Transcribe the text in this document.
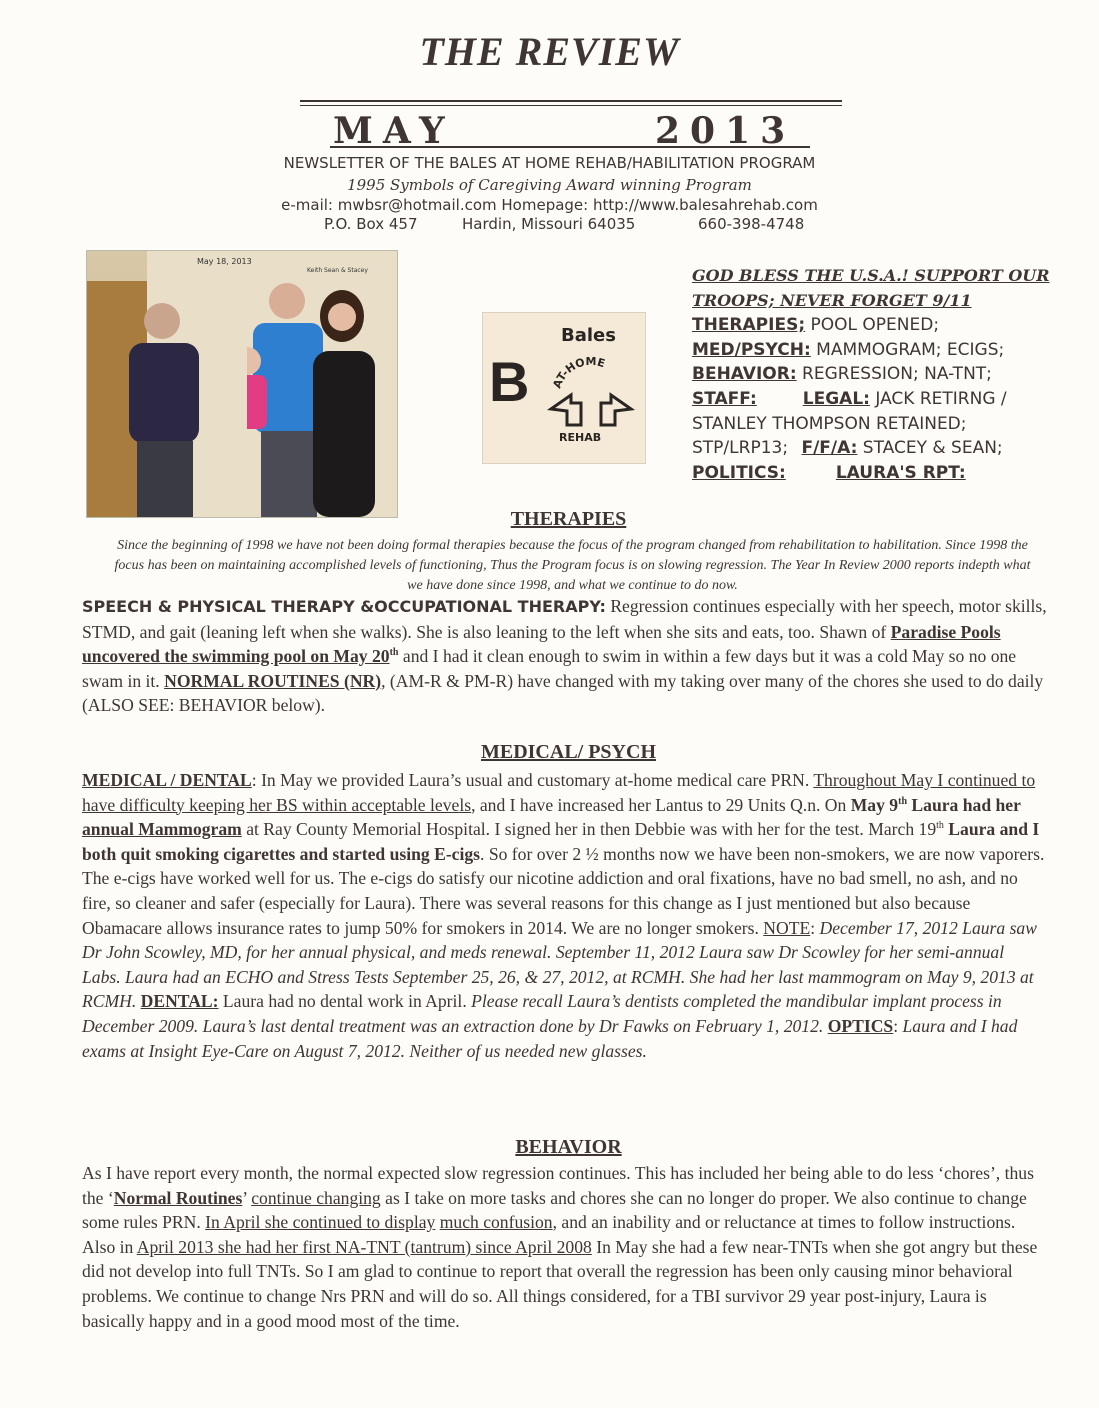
THE REVIEW
MAY	2013
NEWSLETTER OF THE BALES AT HOME REHAB/HABILITATION PROGRAM
1995 Symbols of Caregiving Award winning Program
e-mail: mwbsr@hotmail.com Homepage: http://www.balesahrehab.com
P.O. Box 457	Hardin, Missouri 64035	660-398-4748
May 18, 2013
Keith Sean & Stacey
B
Bales
AT-HOME
REHAB
GOD BLESS THE U.S.A.! SUPPORT OUR TROOPS; NEVER FORGET 9/11
THERAPIES; POOL OPENED;
MED/PSYCH: MAMMOGRAM; ECIGS;
BEHAVIOR: REGRESSION; NA-TNT;
STAFF:	LEGAL: JACK RETIRNG / STANLEY THOMPSON RETAINED; STP/LRP13; F/F/A: STACEY & SEAN;
POLITICS:	LAURA'S RPT:
THERAPIES
Since the beginning of 1998 we have not been doing formal therapies because the focus of the program changed from rehabilitation to habilitation. Since 1998 the focus has been on maintaining accomplished levels of functioning, Thus the Program focus is on slowing regression. The Year In Review 2000 reports indepth what we have done since 1998, and what we continue to do now.
SPEECH & PHYSICAL THERAPY &OCCUPATIONAL THERAPY: Regression continues especially with her speech, motor skills, STMD, and gait (leaning left when she walks). She is also leaning to the left when she sits and eats, too. Shawn of Paradise Pools uncovered the swimming pool on May 20th and I had it clean enough to swim in within a few days but it was a cold May so no one swam in it. NORMAL ROUTINES (NR), (AM-R & PM-R) have changed with my taking over many of the chores she used to do daily (ALSO SEE: BEHAVIOR below).
MEDICAL/ PSYCH
MEDICAL / DENTAL: In May we provided Laura’s usual and customary at-home medical care PRN. Throughout May I continued to have difficulty keeping her BS within acceptable levels, and I have increased her Lantus to 29 Units Q.n. On May 9th Laura had her annual Mammogram at Ray County Memorial Hospital. I signed her in then Debbie was with her for the test. March 19th Laura and I both quit smoking cigarettes and started using E-cigs. So for over 2 ½ months now we have been non-smokers, we are now vaporers. The e-cigs have worked well for us. The e-cigs do satisfy our nicotine addiction and oral fixations, have no bad smell, no ash, and no fire, so cleaner and safer (especially for Laura). There was several reasons for this change as I just mentioned but also because Obamacare allows insurance rates to jump 50% for smokers in 2014. We are no longer smokers. NOTE: December 17, 2012 Laura saw Dr John Scowley, MD, for her annual physical, and meds renewal. September 11, 2012 Laura saw Dr Scowley for her semi-annual Labs. Laura had an ECHO and Stress Tests September 25, 26, & 27, 2012, at RCMH. She had her last mammogram on May 9, 2013 at RCMH. DENTAL: Laura had no dental work in April. Please recall Laura’s dentists completed the mandibular implant process in December 2009. Laura’s last dental treatment was an extraction done by Dr Fawks on February 1, 2012. OPTICS: Laura and I had exams at Insight Eye-Care on August 7, 2012. Neither of us needed new glasses.
BEHAVIOR
As I have report every month, the normal expected slow regression continues. This has included her being able to do less ‘chores’, thus the ‘Normal Routines’ continue changing as I take on more tasks and chores she can no longer do proper. We also continue to change some rules PRN. In April she continued to display much confusion, and an inability and or reluctance at times to follow instructions. Also in April 2013 she had her first NA-TNT (tantrum) since April 2008 In May she had a few near-TNTs when she got angry but these did not develop into full TNTs. So I am glad to continue to report that overall the regression has been only causing minor behavioral problems. We continue to change Nrs PRN and will do so. All things considered, for a TBI survivor 29 year post-injury, Laura is basically happy and in a good mood most of the time.
